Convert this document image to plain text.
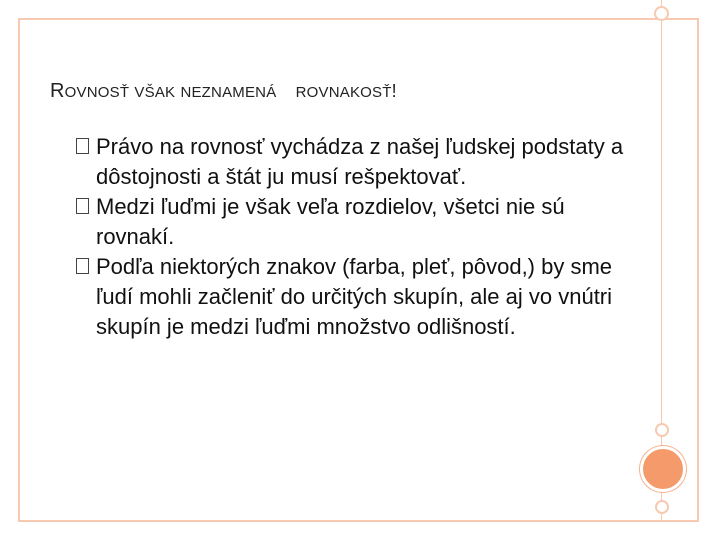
ROVNOSŤ VŠAK NEZNAMENÁ ROVNAKOSŤ!
Právo na rovnosť vychádza z našej ľudskej podstaty a dôstojnosti a štát ju musí rešpektovať.
Medzi ľuďmi je však veľa rozdielov, všetci nie sú rovnakí.
Podľa niektorých znakov (farba, pleť, pôvod,) by sme ľudí mohli začleniť do určitých skupín, ale aj vo vnútri skupín je medzi ľuďmi množstvo odlišností.
